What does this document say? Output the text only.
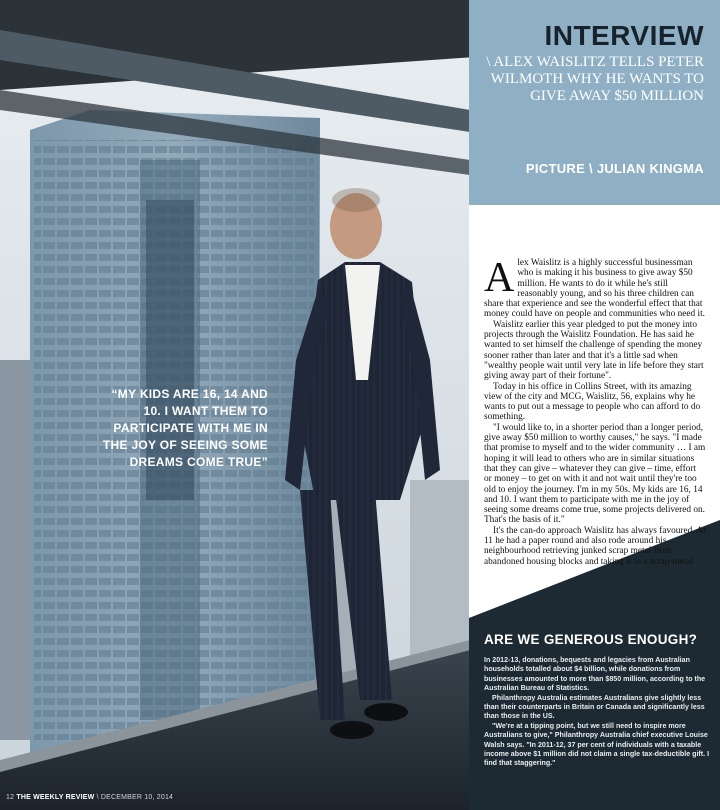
INTERVIEW
\ ALEX WAISLITZ TELLS PETER WILMOTH WHY HE WANTS TO GIVE AWAY $50 MILLION
PICTURE \ JULIAN KINGMA
“MY KIDS ARE 16, 14 AND 10. I WANT THEM TO PARTICIPATE WITH ME IN THE JOY OF SEEING SOME DREAMS COME TRUE”

Alex Waislitz is a highly successful businessman who is making it his business to give away $50 million. He wants to do it while he's still reasonably young, and so his three children can share that experience and see the wonderful effect that that money could have on people and communities who need it.

Waislitz earlier this year pledged to put the money into projects through the Waislitz Foundation. He has said he wanted to set himself the challenge of spending the money sooner rather than later and that it's a little sad when "wealthy people wait until very late in life before they start giving away part of their fortune".

Today in his office in Collins Street, with its amazing view of the city and MCG, Waislitz, 56, explains why he wants to put out a message to people who can afford to do something.

"I would like to, in a shorter period than a longer period, give away $50 million to worthy causes," he says. "I made that promise to myself and to the wider community … I am hoping it will lead to others who are in similar situations that they can give – whatever they can give – time, effort or money – to get on with it and not wait until they're too old to enjoy the journey. I'm in my 50s. My kids are 16, 14 and 10. I want them to participate with me in the joy of seeing some dreams come true, some projects delivered on. That's the basis of it."

It's the can-do approach Waislitz has always favoured. At 11 he had a paper round and also rode around his neighbourhood retrieving junked scrap metal from abandoned housing blocks and taking it to a scrap-metal

ARE WE GENEROUS ENOUGH?

In 2012-13, donations, bequests and legacies from Australian households totalled about $4 billion, while donations from businesses amounted to more than $850 million, according to the Australian Bureau of Statistics.

Philanthropy Australia estimates Australians give slightly less than their counterparts in Britain or Canada and significantly less than those in the US.

"We're at a tipping point, but we still need to inspire more Australians to give," Philanthropy Australia chief executive Louise Walsh says. "In 2011-12, 37 per cent of individuals with a taxable income above $1 million did not claim a single tax-deductible gift. I find that staggering."

12 THE WEEKLY REVIEW \ DECEMBER 10, 2014
